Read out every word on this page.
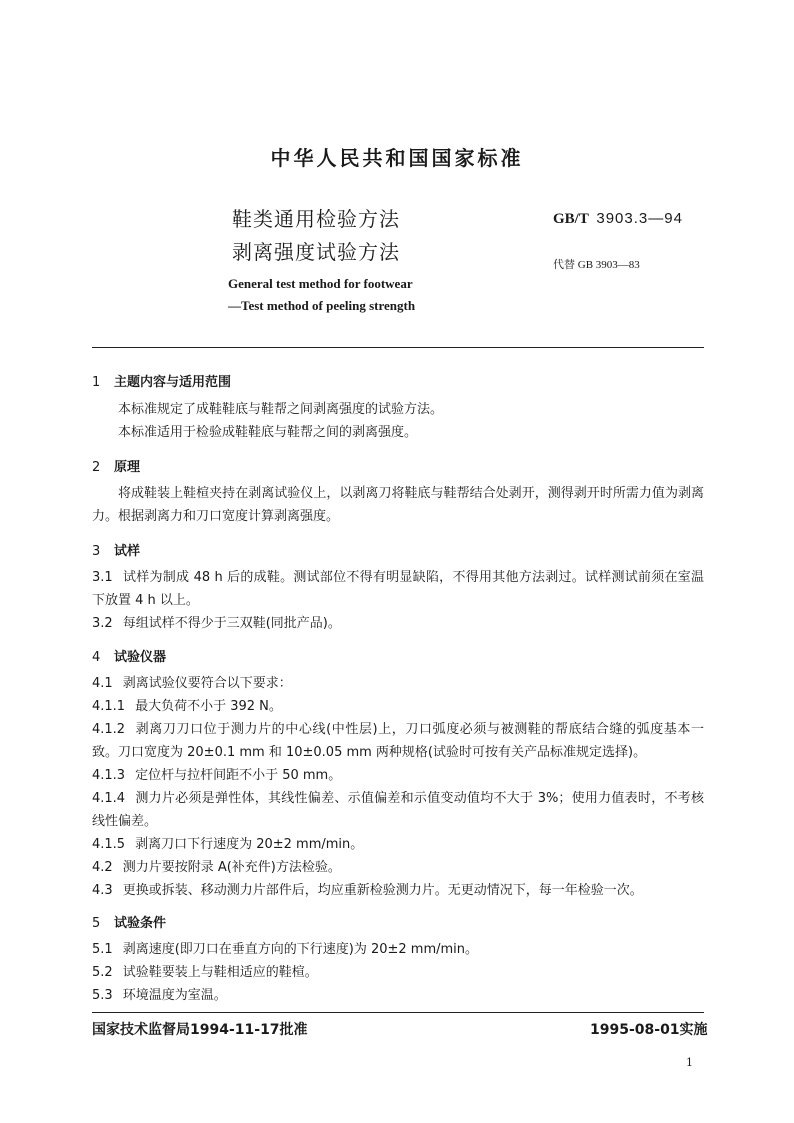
中华人民共和国国家标准
鞋类通用检验方法
剥离强度试验方法
GB/T 3903.3—94
代替 GB 3903—83
General test method for footwear
—Test method of peeling strength
1 主题内容与适用范围
本标准规定了成鞋鞋底与鞋帮之间剥离强度的试验方法。
本标准适用于检验成鞋鞋底与鞋帮之间的剥离强度。
2 原理
将成鞋装上鞋楦夹持在剥离试验仪上，以剥离刀将鞋底与鞋帮结合处剥开，测得剥开时所需力值为剥离力。根据剥离力和刀口宽度计算剥离强度。
3 试样
3.1 试样为制成 48 h 后的成鞋。测试部位不得有明显缺陷，不得用其他方法剥过。试样测试前须在室温下放置 4 h 以上。
3.2 每组试样不得少于三双鞋(同批产品)。
4 试验仪器
4.1 剥离试验仪要符合以下要求：
4.1.1 最大负荷不小于 392 N。
4.1.2 剥离刀刀口位于测力片的中心线(中性层)上，刀口弧度必须与被测鞋的帮底结合缝的弧度基本一致。刀口宽度为 20±0.1 mm 和 10±0.05 mm 两种规格(试验时可按有关产品标准规定选择)。
4.1.3 定位杆与拉杆间距不小于 50 mm。
4.1.4 测力片必须是弹性体，其线性偏差、示值偏差和示值变动值均不大于 3%；使用力值表时，不考核线性偏差。
4.1.5 剥离刀口下行速度为 20±2 mm/min。
4.2 测力片要按附录 A(补充件)方法检验。
4.3 更换或拆装、移动测力片部件后，均应重新检验测力片。无更动情况下，每一年检验一次。
5 试验条件
5.1 剥离速度(即刀口在垂直方向的下行速度)为 20±2 mm/min。
5.2 试验鞋要装上与鞋相适应的鞋楦。
5.3 环境温度为室温。
国家技术监督局1994-11-17批准	1995-08-01实施
1
